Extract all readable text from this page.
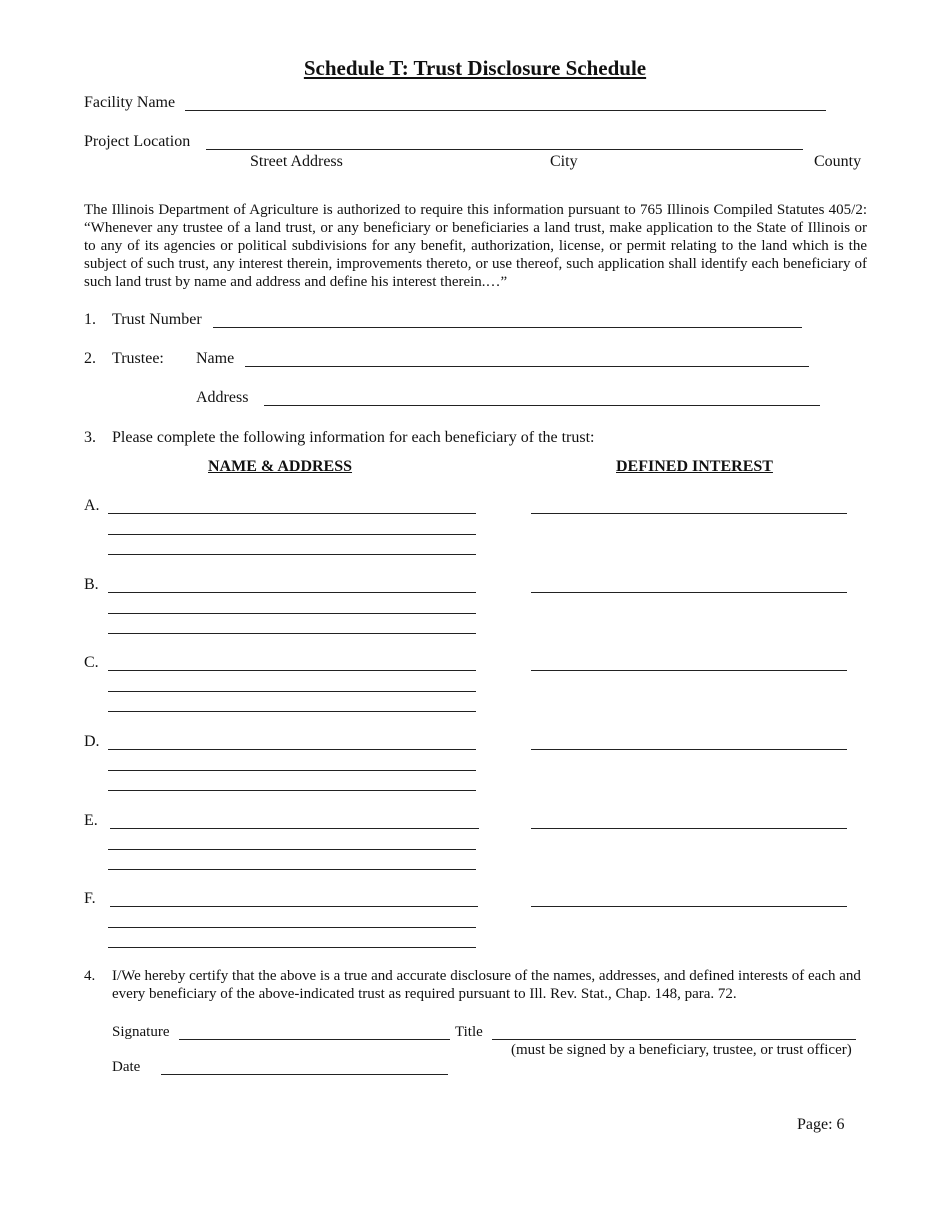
Schedule T: Trust Disclosure Schedule
Facility Name
Project Location
Street Address	City	County
The Illinois Department of Agriculture is authorized to require this information pursuant to 765 Illinois Compiled Statutes 405/2: “Whenever any trustee of a land trust, or any beneficiary or beneficiaries a land trust, make application to the State of Illinois or to any of its agencies or political subdivisions for any benefit, authorization, license, or permit relating to the land which is the subject of such trust, any interest therein, improvements thereto, or use thereof, such application shall identify each beneficiary of such land trust by name and address and define his interest therein.…”
1. Trust Number
2. Trustee: Name
Address
3. Please complete the following information for each beneficiary of the trust:
NAME & ADDRESS	DEFINED INTEREST
A.
B.
C.
D.
E.
F.
4. I/We hereby certify that the above is a true and accurate disclosure of the names, addresses, and defined interests of each and every beneficiary of the above-indicated trust as required pursuant to Ill. Rev. Stat., Chap. 148, para. 72.
Signature	Title
(must be signed by a beneficiary, trustee, or trust officer)
Date
Page: 6
